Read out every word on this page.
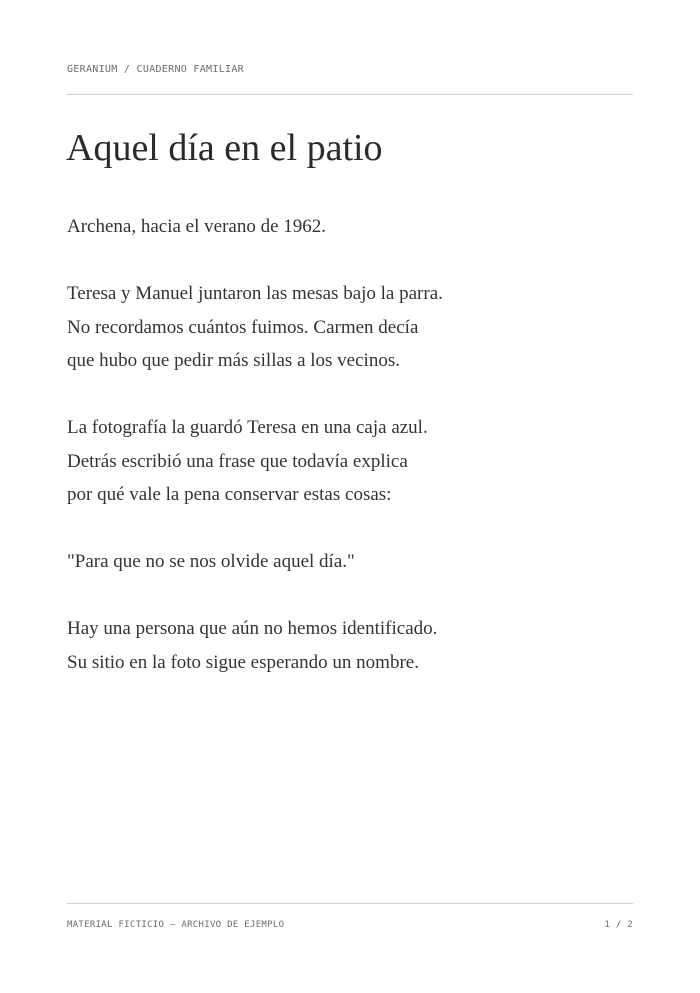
GERANIUM / CUADERNO FAMILIAR
Aquel día en el patio

Archena, hacia el verano de 1962.

Teresa y Manuel juntaron las mesas bajo la parra.
No recordamos cuántos fuimos. Carmen decía
que hubo que pedir más sillas a los vecinos.

La fotografía la guardó Teresa en una caja azul.
Detrás escribió una frase que todavía explica
por qué vale la pena conservar estas cosas:

"Para que no se nos olvide aquel día."

Hay una persona que aún no hemos identificado.
Su sitio en la foto sigue esperando un nombre.

MATERIAL FICTICIO — ARCHIVO DE EJEMPLO	1 / 2
